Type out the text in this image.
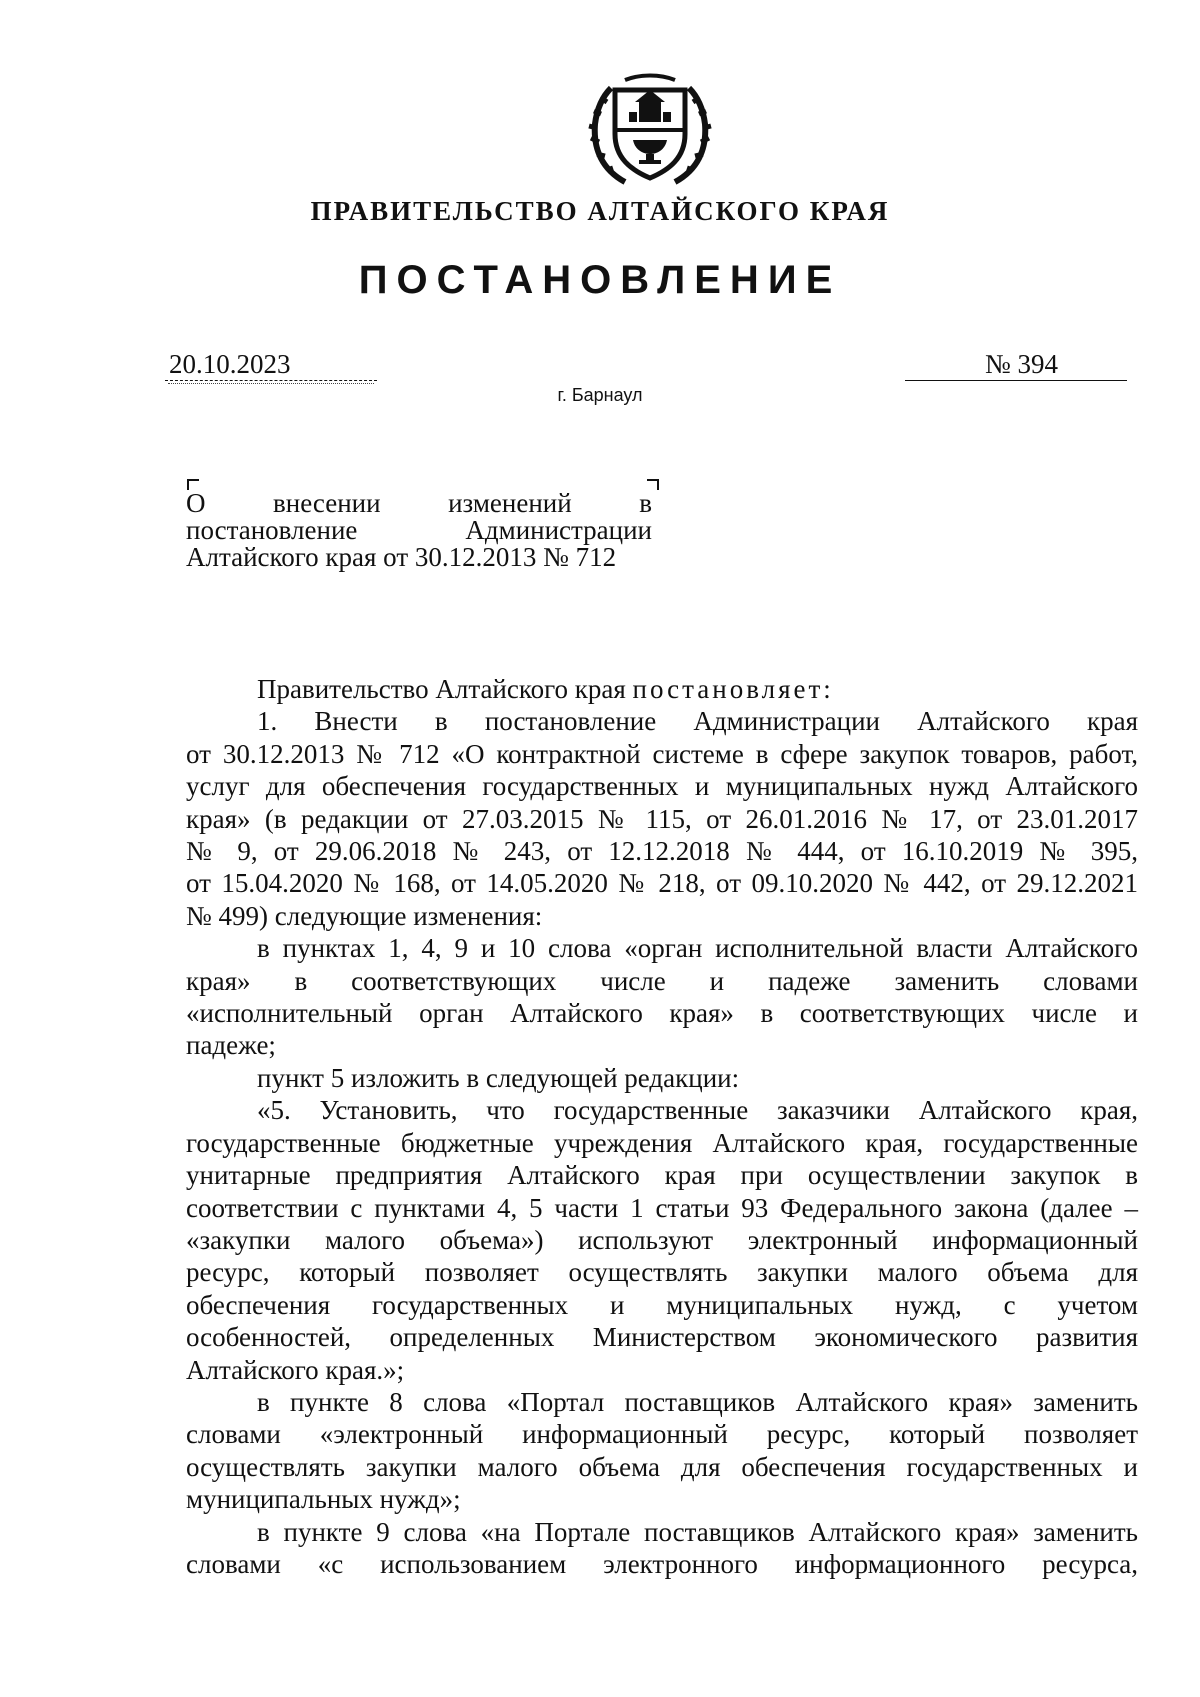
ПРАВИТЕЛЬСТВО АЛТАЙСКОГО КРАЯ
ПОСТАНОВЛЕНИЕ
20.10.2023	№ 394
г. Барнаул
О внесении изменений в
постановление Администрации
Алтайского края от 30.12.2013 № 712
Правительство Алтайского края постановляет:
1. Внести в постановление Администрации Алтайского края
от 30.12.2013 № 712 «О контрактной системе в сфере закупок товаров, работ,
услуг для обеспечения государственных и муниципальных нужд Алтайского
края» (в редакции от 27.03.2015 № 115, от 26.01.2016 № 17, от 23.01.2017
№ 9, от 29.06.2018 № 243, от 12.12.2018 № 444, от 16.10.2019 № 395,
от 15.04.2020 № 168, от 14.05.2020 № 218, от 09.10.2020 № 442, от 29.12.2021
№ 499) следующие изменения:
в пунктах 1, 4, 9 и 10 слова «орган исполнительной власти Алтайского
края» в соответствующих числе и падеже заменить словами
«исполнительный орган Алтайского края» в соответствующих числе и
падеже;
пункт 5 изложить в следующей редакции:
«5. Установить, что государственные заказчики Алтайского края,
государственные бюджетные учреждения Алтайского края, государственные
унитарные предприятия Алтайского края при осуществлении закупок в
соответствии с пунктами 4, 5 части 1 статьи 93 Федерального закона (далее –
«закупки малого объема») используют электронный информационный
ресурс, который позволяет осуществлять закупки малого объема для
обеспечения государственных и муниципальных нужд, с учетом
особенностей, определенных Министерством экономического развития
Алтайского края.»;
в пункте 8 слова «Портал поставщиков Алтайского края» заменить
словами «электронный информационный ресурс, который позволяет
осуществлять закупки малого объема для обеспечения государственных и
муниципальных нужд»;
в пункте 9 слова «на Портале поставщиков Алтайского края» заменить
словами «с использованием электронного информационного ресурса,
